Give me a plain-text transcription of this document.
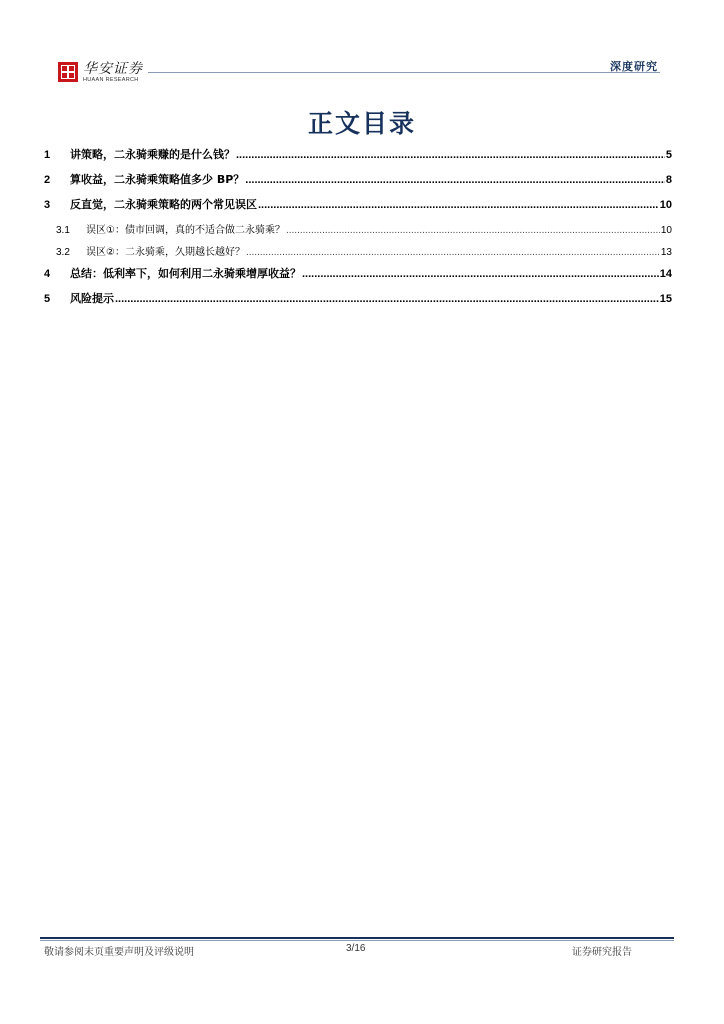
华安证券
HUAAN RESEARCH
深度研究
正文目录
1	讲策略，二永骑乘赚的是什么钱？ .....	5
2	算收益，二永骑乘策略值多少 BP？ .....	8
3	反直觉，二永骑乘策略的两个常见误区 .....	10
3.1	误区①：债市回调，真的不适合做二永骑乘？ .....	10
3.2	误区②：二永骑乘，久期越长越好？ .....	13
4	总结：低利率下，如何利用二永骑乘增厚收益？ .....	14
5	风险提示 .....	15
敬请参阅末页重要声明及评级说明	3/16	证券研究报告
